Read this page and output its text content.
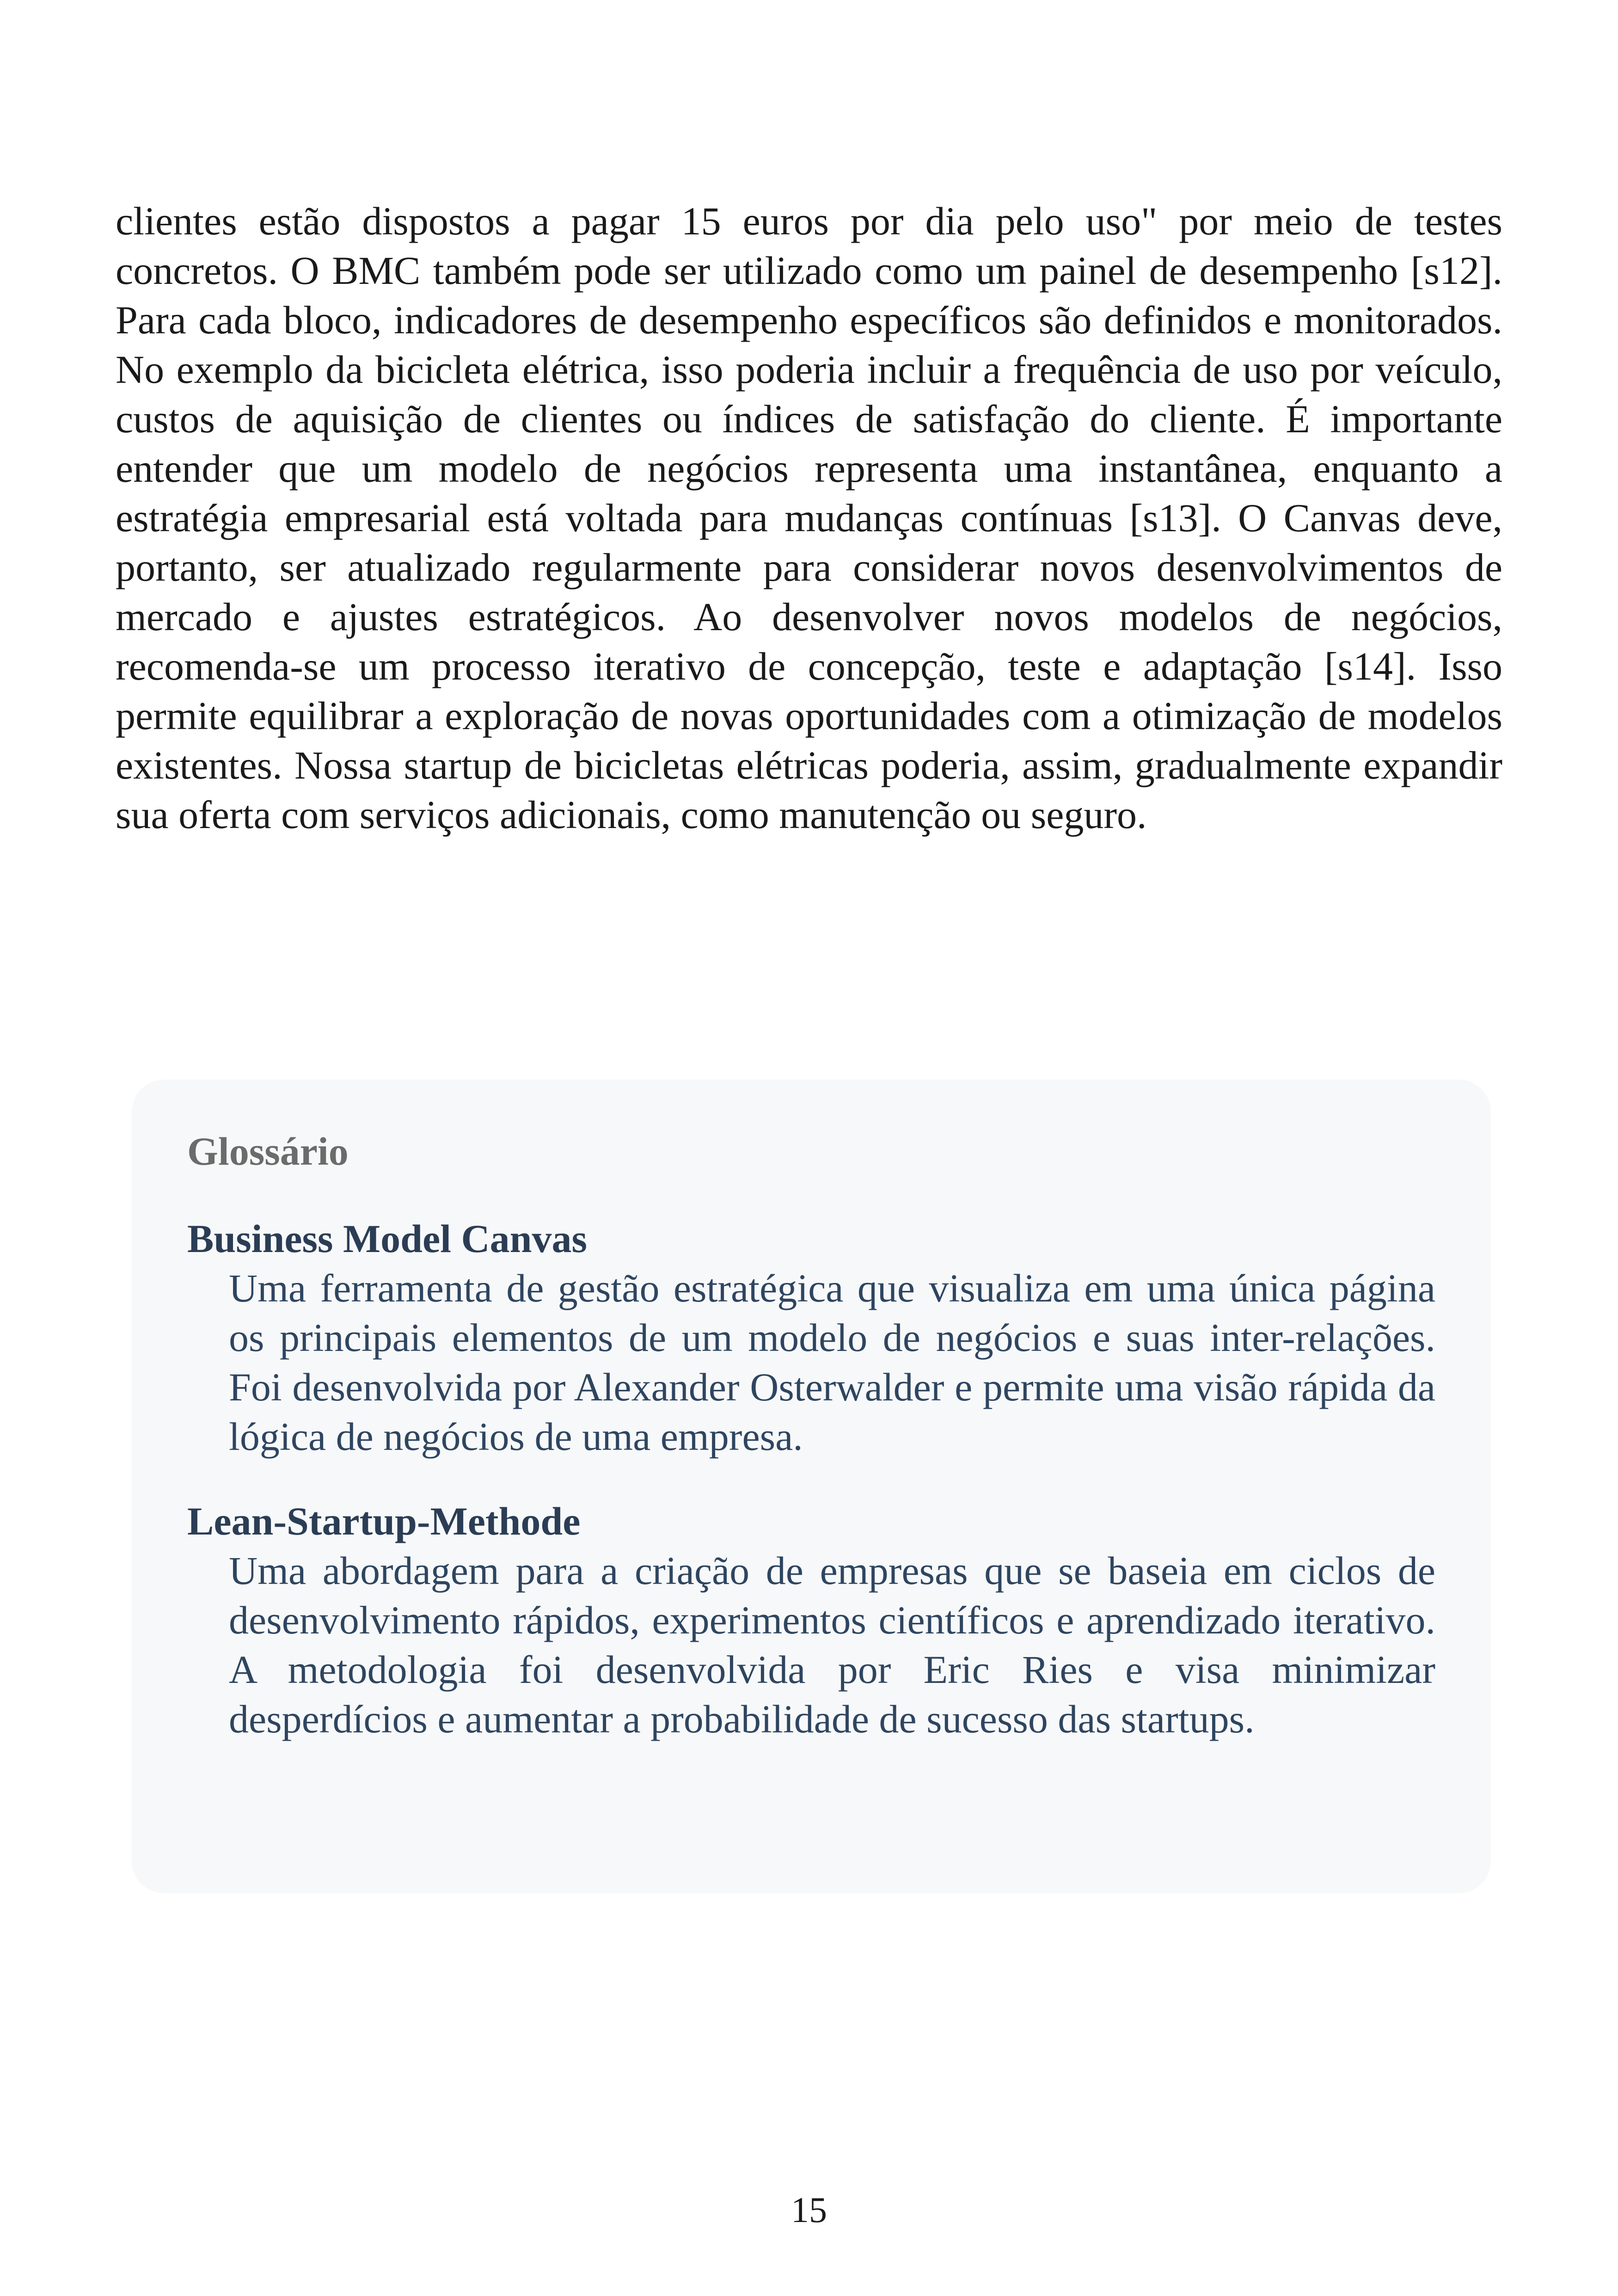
clientes estão dispostos a pagar 15 euros por dia pelo uso" por meio de testes concretos. O BMC também pode ser utilizado como um painel de desempenho [s12]. Para cada bloco, indicadores de desempenho específicos são definidos e monitorados. No exemplo da bicicleta elétrica, isso poderia incluir a frequência de uso por veículo, custos de aquisição de clientes ou índices de satisfação do cliente. É importante entender que um modelo de negócios representa uma instantânea, enquanto a estratégia empresarial está voltada para mudanças contínuas [s13]. O Canvas deve, portanto, ser atualizado regularmente para considerar novos desenvolvimentos de mercado e ajustes estratégicos. Ao desenvolver novos modelos de negócios, recomenda-se um processo iterativo de concepção, teste e adaptação [s14]. Isso permite equilibrar a exploração de novas oportunidades com a otimização de modelos existentes. Nossa startup de bicicletas elétricas poderia, assim, gradualmente expandir sua oferta com serviços adicionais, como manutenção ou seguro.

Glossário

Business Model Canvas

Uma ferramenta de gestão estratégica que visualiza em uma única página os principais elementos de um modelo de negócios e suas inter-relações. Foi desenvolvida por Alexander Osterwalder e permite uma visão rápida da lógica de negócios de uma empresa.

Lean-Startup-Methode

Uma abordagem para a criação de empresas que se baseia em ciclos de desenvolvimento rápidos, experimentos científicos e aprendizado iterativo. A metodologia foi desenvolvida por Eric Ries e visa minimizar desperdícios e aumentar a probabilidade de sucesso das startups.

15
